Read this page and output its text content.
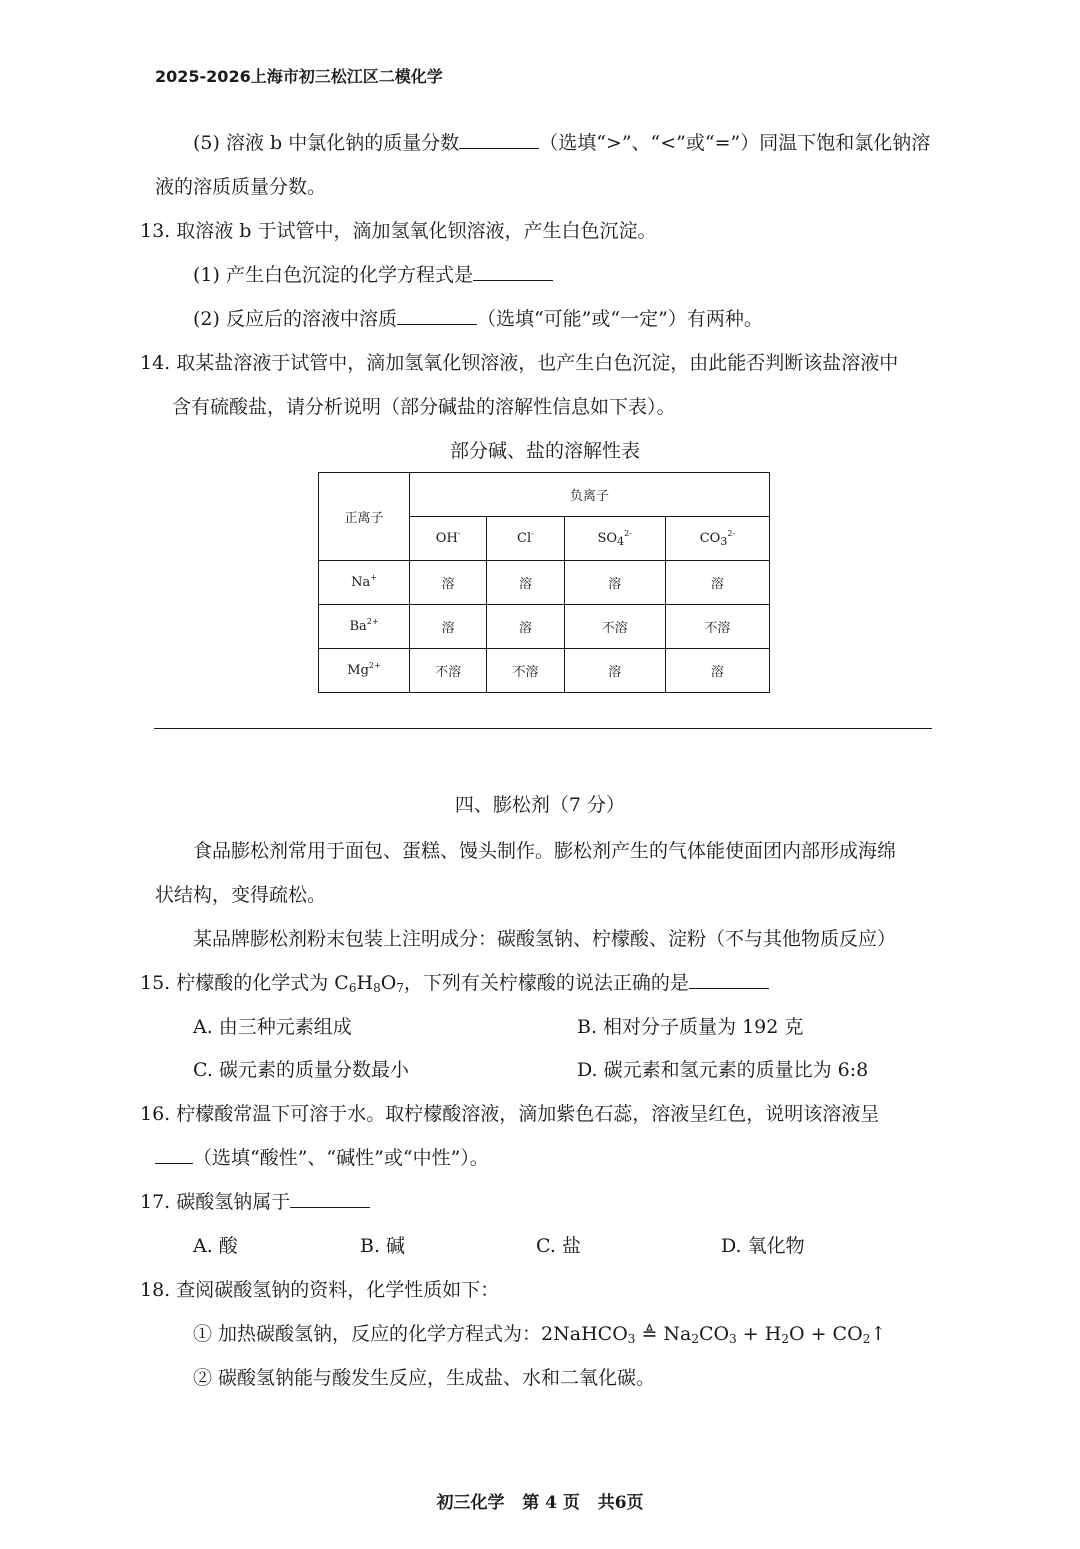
2025-2026上海市初三松江区二模化学
(5) 溶液 b 中氯化钠的质量分数	（选填“>”、“<”或“=”）同温下饱和氯化钠溶
液的溶质质量分数。
13. 取溶液 b 于试管中，滴加氢氧化钡溶液，产生白色沉淀。
(1) 产生白色沉淀的化学方程式是
(2) 反应后的溶液中溶质	（选填“可能”或“一定”）有两种。
14. 取某盐溶液于试管中，滴加氢氧化钡溶液，也产生白色沉淀，由此能否判断该盐溶液中
含有硫酸盐，请分析说明（部分碱盐的溶解性信息如下表）。
部分碱、盐的溶解性表
正离子	负离子			
	OH-	Cl-	$SO_4^{2-}$	$CO_3^{2-}$
Na+	溶	溶	溶	溶
$Ba^{2+}$	溶	溶	不溶	不溶
$Mg^{2+}$	不溶	不溶	溶	溶
四、膨松剂（7 分）
食品膨松剂常用于面包、蛋糕、馒头制作。膨松剂产生的气体能使面团内部形成海绵
状结构，变得疏松。
某品牌膨松剂粉末包装上注明成分：碳酸氢钠、柠檬酸、淀粉（不与其他物质反应）
15. 柠檬酸的化学式为 $C_6H_8O_7$，下列有关柠檬酸的说法正确的是
A. 由三种元素组成	B. 相对分子质量为 192 克
C. 碳元素的质量分数最小	D. 碳元素和氢元素的质量比为 6:8
16. 柠檬酸常温下可溶于水。取柠檬酸溶液，滴加紫色石蕊，溶液呈红色，说明该溶液呈
（选填“酸性”、“碱性”或“中性”）。
17. 碳酸氢钠属于
A. 酸	B. 碱	C. 盐	D. 氧化物
18. 查阅碳酸氢钠的资料，化学性质如下：
① 加热碳酸氢钠，反应的化学方程式为：2NaHCO$_3$ ≜ $Na_2CO_3 + H_2O$ + $CO_2↑$
② 碳酸氢钠能与酸发生反应，生成盐、水和二氧化碳。
初三化学 第 4 页 共6页
